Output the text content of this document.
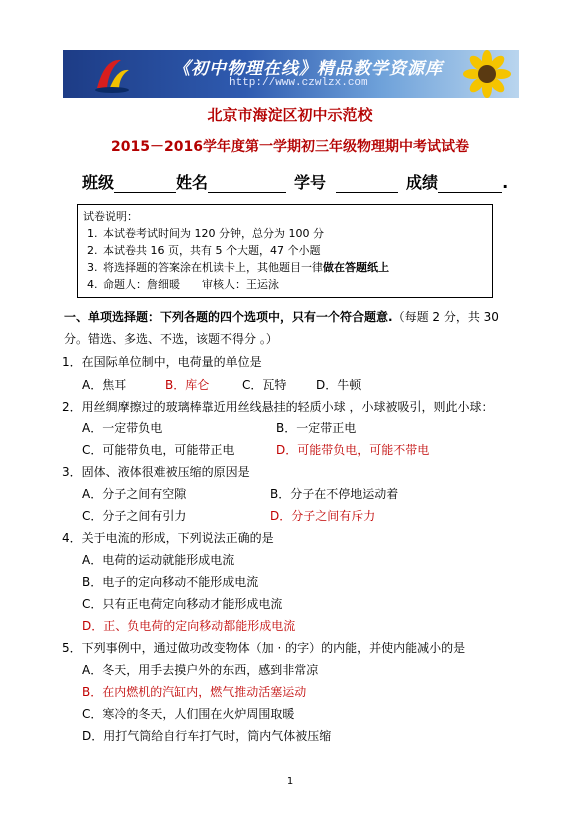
《初中物理在线》精品教学资源库
http://www.czwlzx.com
北京市海淀区初中示范校
2015－2016学年度第一学期初三年级物理期中考试试卷
班级	姓名	学号	成绩	.
试卷说明：
1. 本试卷考试时间为 120 分钟，总分为 100 分
2. 本试卷共 16 页，共有 5 个大题，47 个小题
3. 将选择题的答案涂在机读卡上，其他题目一律做在答题纸上
4. 命题人：詹细暖　　审核人：王运泳
一、单项选择题：下列各题的四个选项中，只有一个符合题意.（每题 2 分，共 30 分。错选、多选、不选，该题不得分 。）
1．在国际单位制中，电荷量的单位是
A．焦耳	B．库仑	C．瓦特 D．牛顿
2．用丝绸摩擦过的玻璃棒靠近用丝线悬挂的轻质小球 ，小球被吸引，则此小球：
A．一定带负电	B．一定带正电
C．可能带负电，可能带正电	D．可能带负电，可能不带电
3．固体、液体很难被压缩的原因是
A．分子之间有空隙	B．分子在不停地运动着
C．分子之间有引力	D．分子之间有斥力
4．关于电流的形成，下列说法正确的是
A．电荷的运动就能形成电流
B．电子的定向移动不能形成电流
C．只有正电荷定向移动才能形成电流
D．正、负电荷的定向移动都能形成电流
5．下列事例中，通过做功改变物体（加 · 的字）的内能，并使内能减小的是
A．冬天，用手去摸户外的东西，感到非常凉
B．在内燃机的汽缸内，燃气推动活塞运动
C．寒冷的冬天，人们围在火炉周围取暖
D．用打气筒给自行车打气时，筒内气体被压缩
1
